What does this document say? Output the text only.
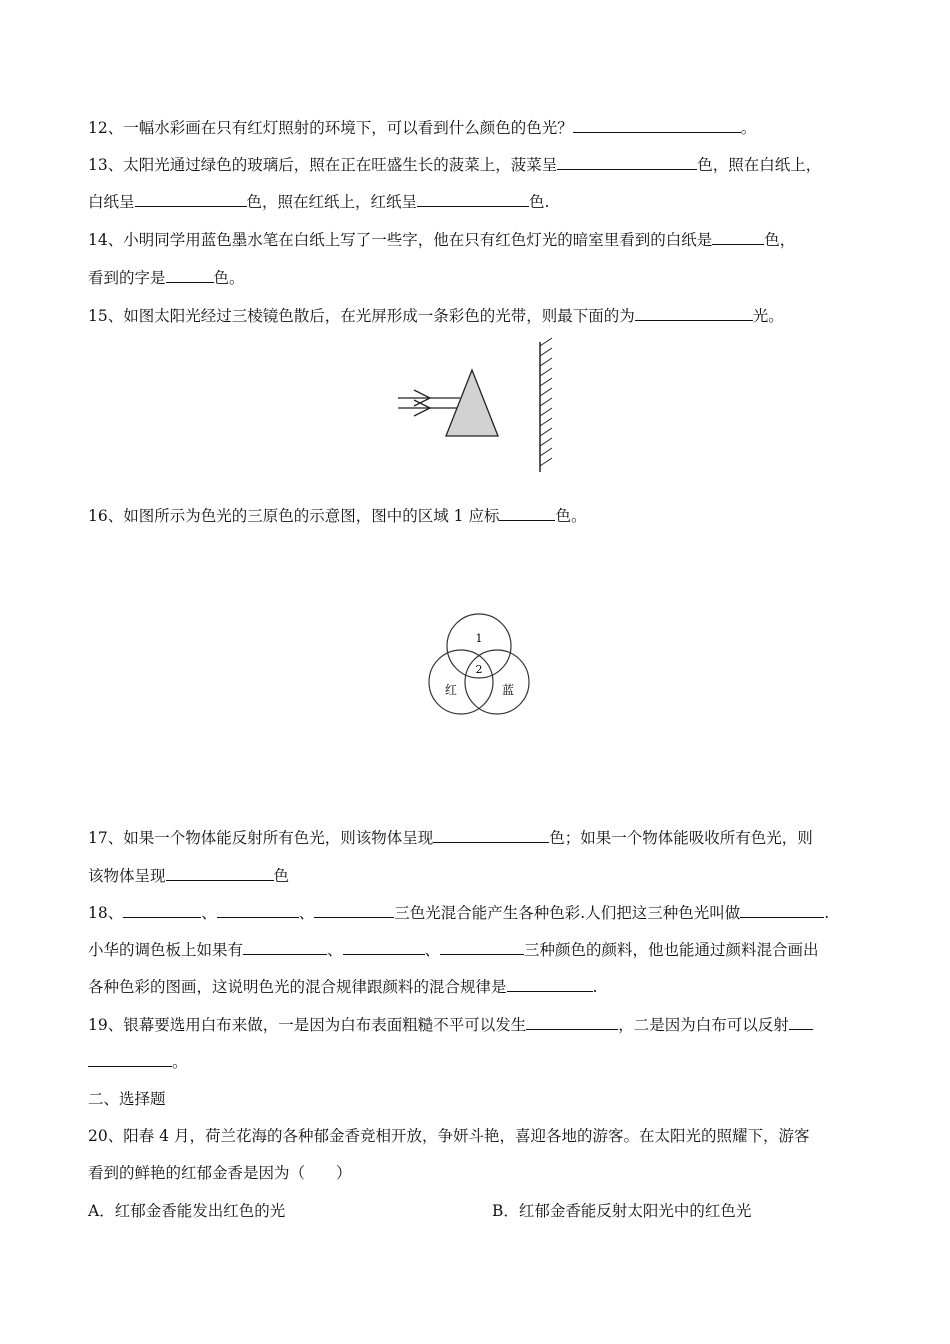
12、一幅水彩画在只有红灯照射的环境下，可以看到什么颜色的色光？	。
13、太阳光通过绿色的玻璃后，照在正在旺盛生长的菠菜上，菠菜呈	色，照在白纸上，
白纸呈	色，照在红纸上，红纸呈	色.
14、小明同学用蓝色墨水笔在白纸上写了一些字，他在只有红色灯光的暗室里看到的白纸是	色，
看到的字是	色。
15、如图太阳光经过三棱镜色散后，在光屏形成一条彩色的光带，则最下面的为	光。
16、如图所示为色光的三原色的示意图，图中的区域 1 应标	色。
1
2
红	蓝
17、如果一个物体能反射所有色光，则该物体呈现	色；如果一个物体能吸收所有色光，则
该物体呈现	色
18、	、	、	三色光混合能产生各种色彩.人们把这三种色光叫做	.
小华的调色板上如果有	、	、	三种颜色的颜料，他也能通过颜料混合画出
各种色彩的图画，这说明色光的混合规律跟颜料的混合规律是	.
19、银幕要选用白布来做，一是因为白布表面粗糙不平可以发生	，二是因为白布可以反射
。
二、选择题
20、阳春 4 月，荷兰花海的各种郁金香竞相开放，争妍斗艳，喜迎各地的游客。在太阳光的照耀下，游客
看到的鲜艳的红郁金香是因为（　　）
A．红郁金香能发出红色的光	B．红郁金香能反射太阳光中的红色光
